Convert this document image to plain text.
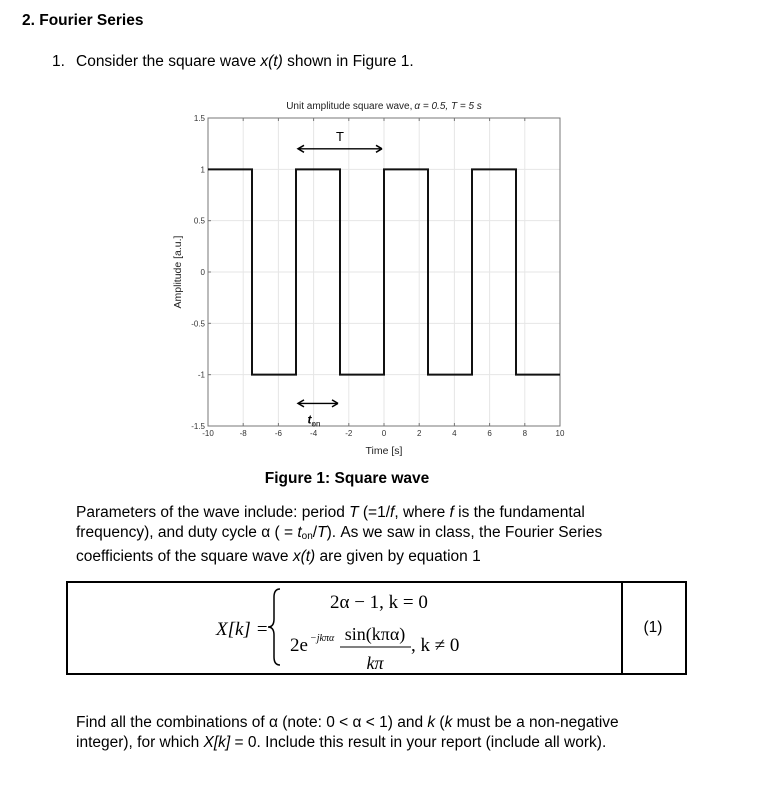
2. Fourier Series
1. Consider the square wave x(t) shown in Figure 1.
-10	-8	-6	-4	-2	0	2	4	6	8	10
-1.5
-1
-0.5
0
0.5
1
1.5
T
$t_{on}$
Unit amplitude square wave, α = 0.5, T = 5 s
Time [s]
Amplitude [a.u.]
Figure 1: Square wave
Parameters of the wave include: period T (=1/f, where f is the fundamental
frequency), and duty cycle α ( = $t_{on}/T$). As we saw in class, the Fourier Series
coefficients of the square wave x(t) are given by equation 1
X[k] =
2α − 1, k = 0
2e −jkπα sin(kπα)
kπ
, k ≠ 0
(1)
Find all the combinations of α (note: 0 < α < 1) and k (k must be a non-negative
integer), for which X[k] = 0. Include this result in your report (include all work).
